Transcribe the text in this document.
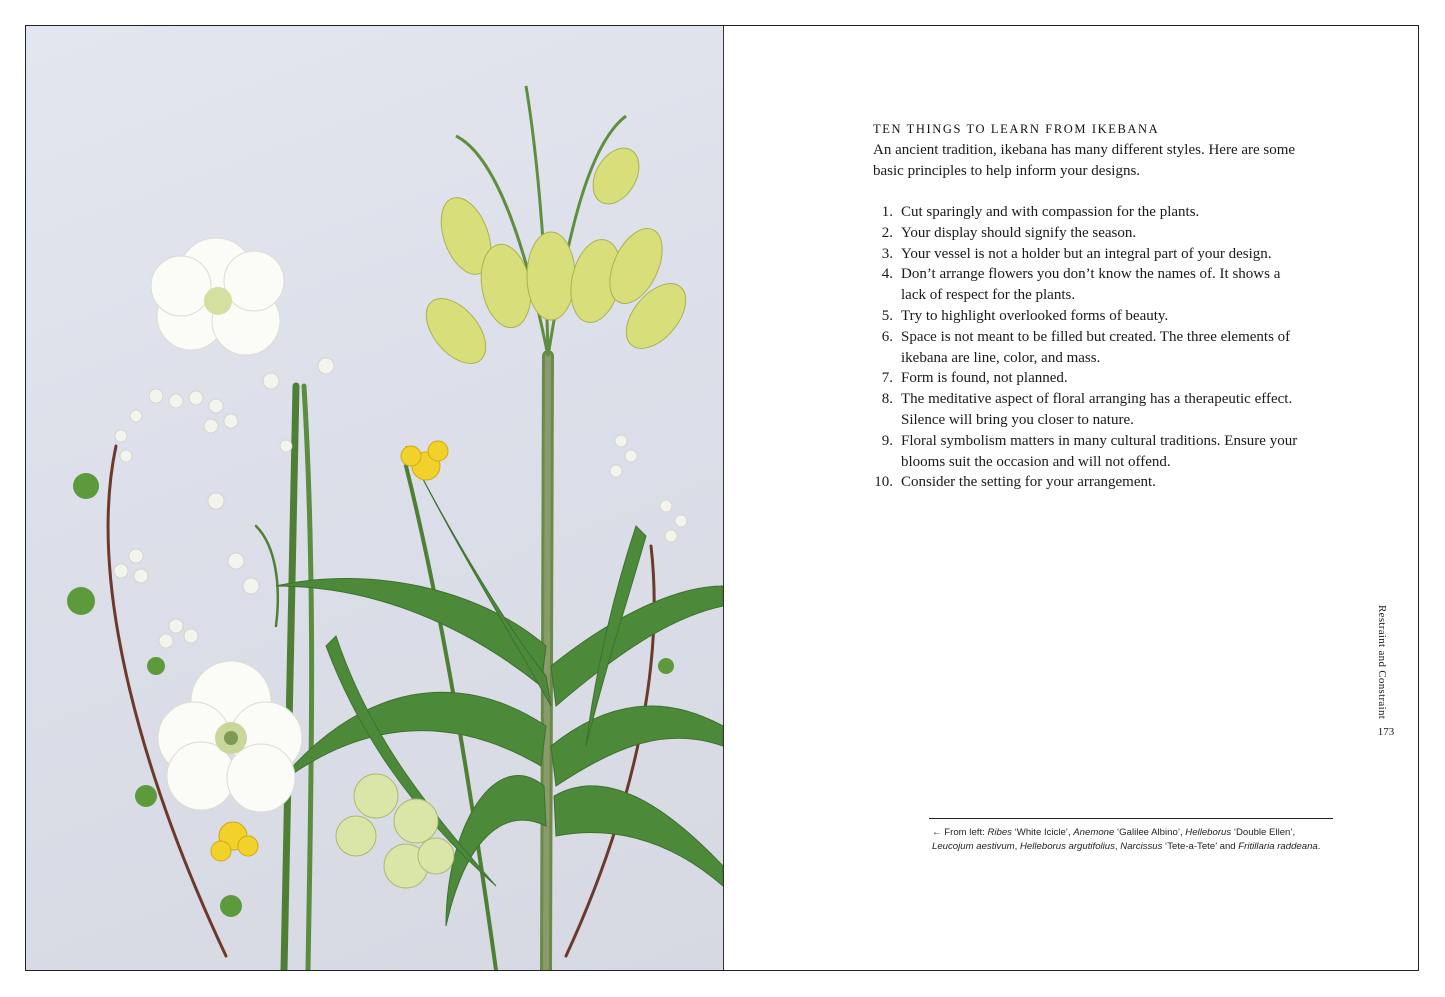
TEN THINGS TO LEARN FROM IKEBANA
An ancient tradition, ikebana has many different styles. Here are some basic principles to help inform your designs.
1. Cut sparingly and with compassion for the plants.
2. Your display should signify the season.
3. Your vessel is not a holder but an integral part of your design.
4. Don’t arrange flowers you don’t know the names of. It shows a lack of respect for the plants.
5. Try to highlight overlooked forms of beauty.
6. Space is not meant to be filled but created. The three elements of ikebana are line, color, and mass.
7. Form is found, not planned.
8. The meditative aspect of floral arranging has a therapeutic effect. Silence will bring you closer to nature.
9. Floral symbolism matters in many cultural traditions. Ensure your blooms suit the occasion and will not offend.
10. Consider the setting for your arrangement.
Restraint and Constraint
173
← From left: Ribes ‘White Icicle’, Anemone ‘Galilee Albino’, Helleborus ‘Double Ellen’, Leucojum aestivum, Helleborus argutifolius, Narcissus ‘Tete-a-Tete’ and Fritillaria raddeana.
